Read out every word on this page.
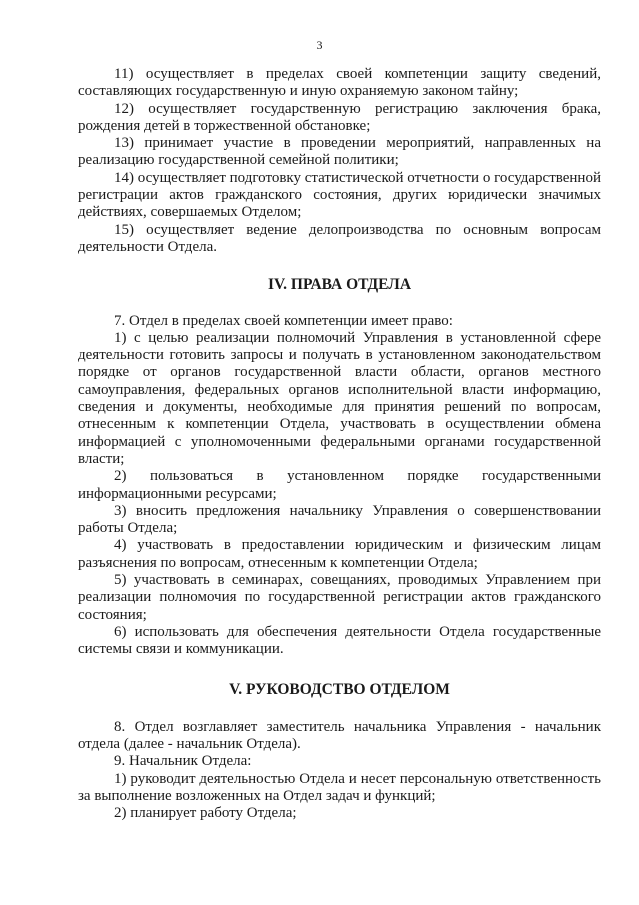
3

11) осуществляет в пределах своей компетенции защиту сведений, составляющих государственную и иную охраняемую законом тайну;

12) осуществляет государственную регистрацию заключения брака, рождения детей в торжественной обстановке;

13) принимает участие в проведении мероприятий, направленных на реализацию государственной семейной политики;

14) осуществляет подготовку статистической отчетности о государственной регистрации актов гражданского состояния, других юридически значимых действиях, совершаемых Отделом;

15) осуществляет ведение делопроизводства по основным вопросам деятельности Отдела.

IV. ПРАВА ОТДЕЛА

7. Отдел в пределах своей компетенции имеет право:

1) с целью реализации полномочий Управления в установленной сфере деятельности готовить запросы и получать в установленном законодательством порядке от органов государственной власти области, органов местного самоуправления, федеральных органов исполнительной власти информацию, сведения и документы, необходимые для принятия решений по вопросам, отнесенным к компетенции Отдела, участвовать в осуществлении обмена информацией с уполномоченными федеральными органами государственной власти;

2) пользоваться в установленном порядке государственными информационными ресурсами;

3) вносить предложения начальнику Управления о совершенствовании работы Отдела;

4) участвовать в предоставлении юридическим и физическим лицам разъяснения по вопросам, отнесенным к компетенции Отдела;

5) участвовать в семинарах, совещаниях, проводимых Управлением при реализации полномочия по государственной регистрации актов гражданского состояния;

6) использовать для обеспечения деятельности Отдела государственные системы связи и коммуникации.

V. РУКОВОДСТВО ОТДЕЛОМ

8. Отдел возглавляет заместитель начальника Управления - начальник отдела (далее - начальник Отдела).

9. Начальник Отдела:

1) руководит деятельностью Отдела и несет персональную ответственность за выполнение возложенных на Отдел задач и функций;

2) планирует работу Отдела;
